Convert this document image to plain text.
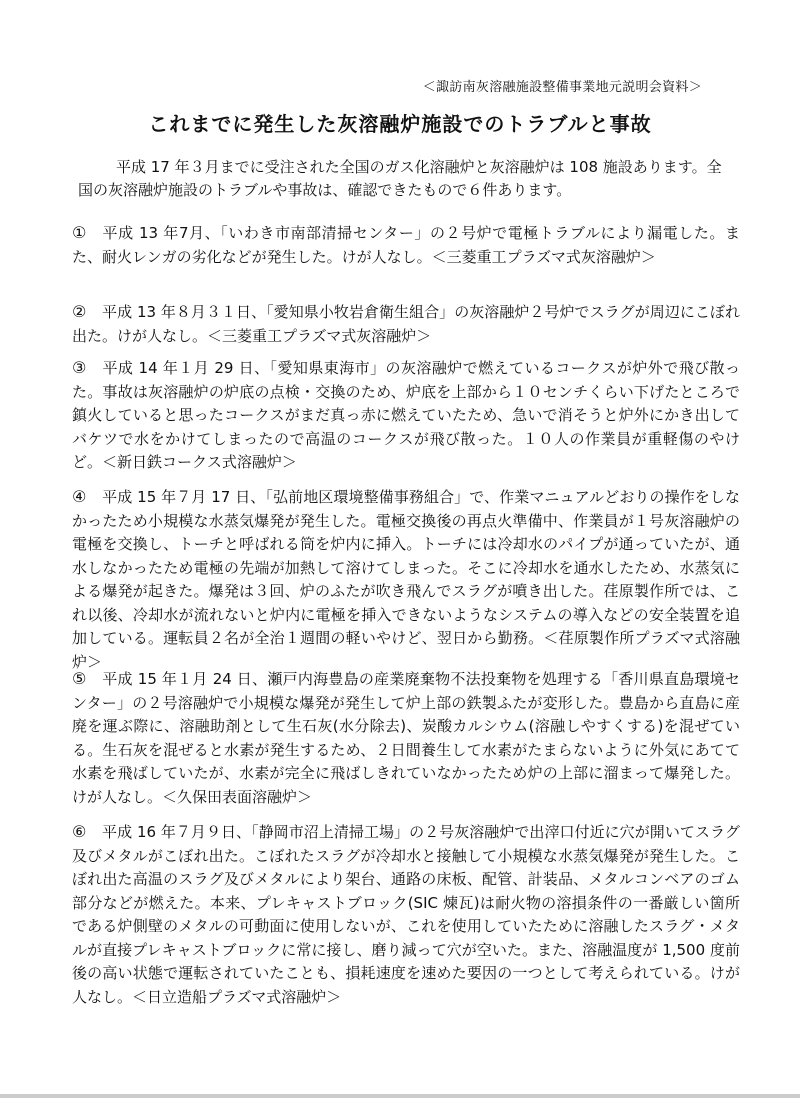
＜諏訪南灰溶融施設整備事業地元説明会資料＞
これまでに発生した灰溶融炉施設でのトラブルと事故

平成 17 年３月までに受注された全国のガス化溶融炉と灰溶融炉は 108 施設あります。全国の灰溶融炉施設のトラブルや事故は、確認できたもので６件あります。

① 平成 13 年7月、「いわき市南部清掃センター」の２号炉で電極トラブルにより漏電した。また、耐火レンガの劣化などが発生した。けが人なし。＜三菱重工プラズマ式灰溶融炉＞

② 平成 13 年８月３１日、「愛知県小牧岩倉衛生組合」の灰溶融炉２号炉でスラグが周辺にこぼれ出た。けが人なし。＜三菱重工プラズマ式灰溶融炉＞

③ 平成 14 年１月 29 日、「愛知県東海市」の灰溶融炉で燃えているコークスが炉外で飛び散った。事故は灰溶融炉の炉底の点検・交換のため、炉底を上部から１０センチくらい下げたところで鎮火していると思ったコークスがまだ真っ赤に燃えていたため、急いで消そうと炉外にかき出してバケツで水をかけてしまったので高温のコークスが飛び散った。１０人の作業員が重軽傷のやけど。＜新日鉄コークス式溶融炉＞

④ 平成 15 年７月 17 日、「弘前地区環境整備事務組合」で、作業マニュアルどおりの操作をしなかったため小規模な水蒸気爆発が発生した。電極交換後の再点火準備中、作業員が１号灰溶融炉の電極を交換し、トーチと呼ばれる筒を炉内に挿入。トーチには冷却水のパイプが通っていたが、通水しなかったため電極の先端が加熱して溶けてしまった。そこに冷却水を通水したため、水蒸気による爆発が起きた。爆発は３回、炉のふたが吹き飛んでスラグが噴き出した。荏原製作所では、これ以後、冷却水が流れないと炉内に電極を挿入できないようなシステムの導入などの安全装置を追加している。運転員２名が全治１週間の軽いやけど、翌日から勤務。＜荏原製作所プラズマ式溶融炉＞

⑤ 平成 15 年１月 24 日、瀬戸内海豊島の産業廃棄物不法投棄物を処理する「香川県直島環境センター」の２号溶融炉で小規模な爆発が発生して炉上部の鉄製ふたが変形した。豊島から直島に産廃を運ぶ際に、溶融助剤として生石灰(水分除去)、炭酸カルシウム(溶融しやすくする)を混ぜている。生石灰を混ぜると水素が発生するため、２日間養生して水素がたまらないように外気にあてて水素を飛ばしていたが、水素が完全に飛ばしきれていなかったため炉の上部に溜まって爆発した。けが人なし。＜久保田表面溶融炉＞

⑥ 平成 16 年７月９日、「静岡市沼上清掃工場」の２号灰溶融炉で出滓口付近に穴が開いてスラグ及びメタルがこぼれ出た。こぼれたスラグが冷却水と接触して小規模な水蒸気爆発が発生した。こぼれ出た高温のスラグ及びメタルにより架台、通路の床板、配管、計装品、メタルコンベアのゴム部分などが燃えた。本来、プレキャストブロック(SIC 煉瓦)は耐火物の溶損条件の一番厳しい箇所である炉側壁のメタルの可動面に使用しないが、これを使用していたために溶融したスラグ・メタルが直接プレキャストブロックに常に接し、磨り減って穴が空いた。また、溶融温度が 1,500 度前後の高い状態で運転されていたことも、損耗速度を速めた要因の一つとして考えられている。けが人なし。＜日立造船プラズマ式溶融炉＞
